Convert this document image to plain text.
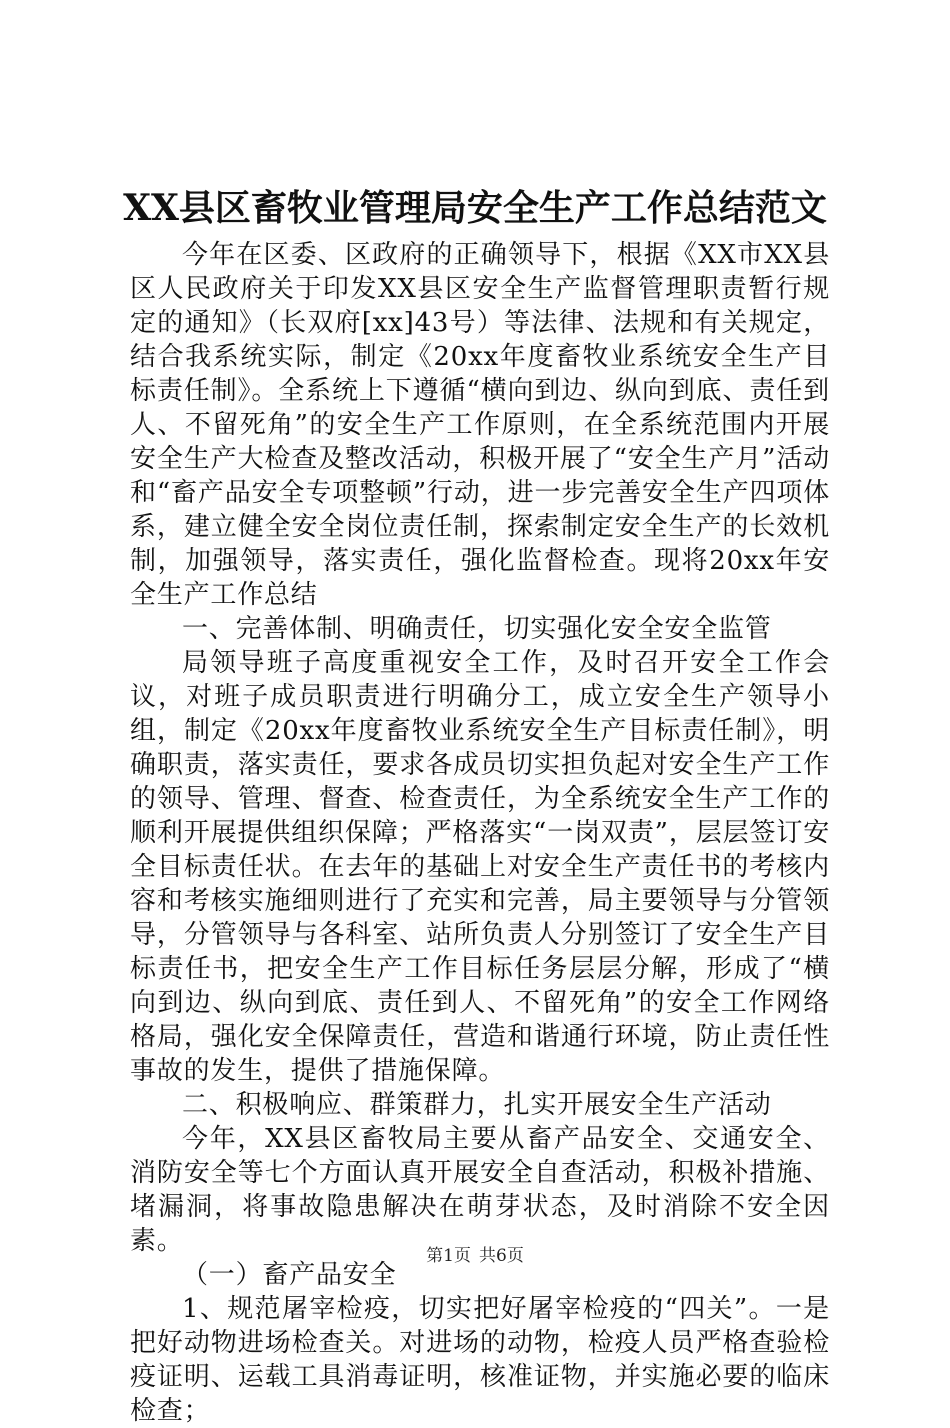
XX县区畜牧业管理局安全生产工作总结范文

今年在区委、区政府的正确领导下，根据《XX市XX县区人民政府关于印发XX县区安全生产监督管理职责暂行规定的通知》（长双府[xx]43号）等法律、法规和有关规定，结合我系统实际，制定《20xx年度畜牧业系统安全生产目标责任制》。全系统上下遵循“横向到边、纵向到底、责任到人、不留死角”的安全生产工作原则，在全系统范围内开展安全生产大检查及整改活动，积极开展了“安全生产月”活动和“畜产品安全专项整顿”行动，进一步完善安全生产四项体系，建立健全安全岗位责任制，探索制定安全生产的长效机制，加强领导，落实责任，强化监督检查。现将20xx年安全生产工作总结

一、完善体制、明确责任，切实强化安全安全监管

局领导班子高度重视安全工作，及时召开安全工作会议，对班子成员职责进行明确分工，成立安全生产领导小组，制定《20xx年度畜牧业系统安全生产目标责任制》，明确职责，落实责任，要求各成员切实担负起对安全生产工作的领导、管理、督查、检查责任，为全系统安全生产工作的顺利开展提供组织保障；严格落实“一岗双责”，层层签订安全目标责任状。在去年的基础上对安全生产责任书的考核内容和考核实施细则进行了充实和完善，局主要领导与分管领导，分管领导与各科室、站所负责人分别签订了安全生产目标责任书，把安全生产工作目标任务层层分解，形成了“横向到边、纵向到底、责任到人、不留死角”的安全工作网络格局，强化安全保障责任，营造和谐通行环境，防止责任性事故的发生，提供了措施保障。

二、积极响应、群策群力，扎实开展安全生产活动

今年，XX县区畜牧局主要从畜产品安全、交通安全、消防安全等七个方面认真开展安全自查活动，积极补措施、堵漏洞，将事故隐患解决在萌芽状态，及时消除不安全因素。

（一）畜产品安全

1、规范屠宰检疫，切实把好屠宰检疫的“四关”。一是把好动物进场检查关。对进场的动物，检疫人员严格查验检疫证明、运载工具消毒证明，核准证物，并实施必要的临床检查；

第1页 共6页
